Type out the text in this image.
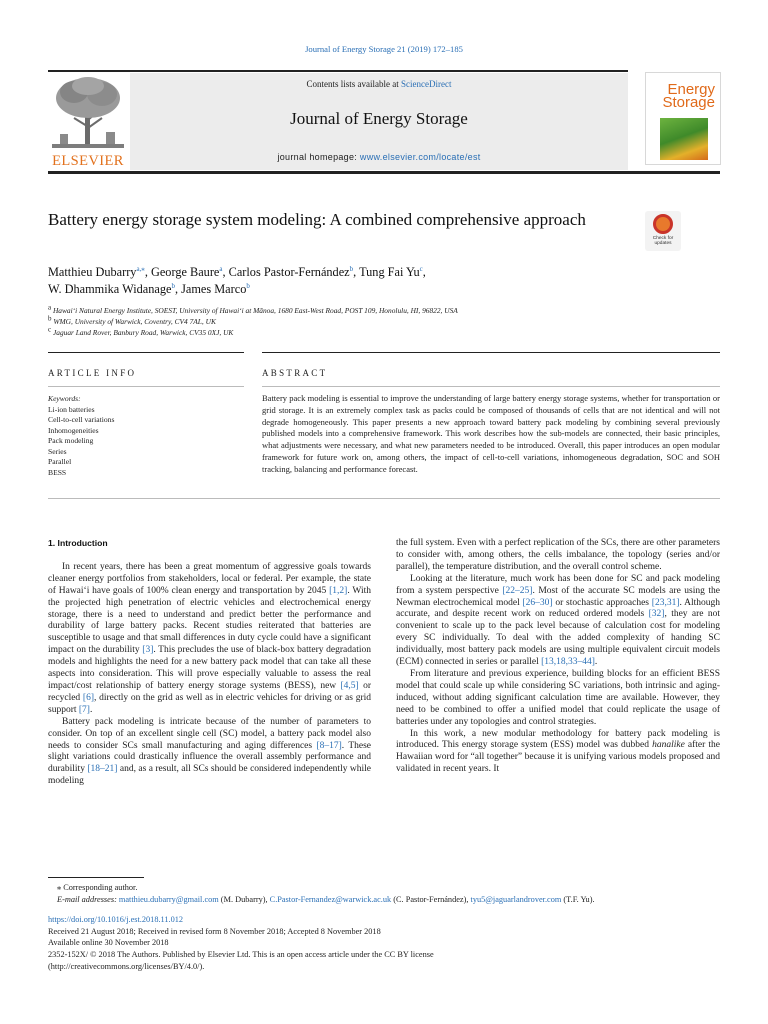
Journal of Energy Storage 21 (2019) 172–185
ELSEVIER
Contents lists available at ScienceDirect
Journal of Energy Storage
journal homepage: www.elsevier.com/locate/est
Energy
Storage
Battery energy storage system modeling: A combined comprehensive approach
Check for updates
Matthieu Dubarry$^{a,⁎}$, George Baure$^a$, Carlos Pastor-Fernández$^b$, Tung Fai Yu$^c$,
W. Dhammika Widanage$^b$, James Marco$^b$
$^a$ Hawaiʻi Natural Energy Institute, SOEST, University of Hawaiʻi at Mānoa, 1680 East-West Road, POST 109, Honolulu, HI, 96822, USA
$^b$ WMG, University of Warwick, Coventry, CV4 7AL, UK
$^c$ Jaguar Land Rover, Banbury Road, Warwick, CV35 0XJ, UK
ARTICLE INFO	ABSTRACT
Keywords:
Li-ion batteries
Cell-to-cell variations
Inhomogeneities
Pack modeling
Series
Parallel
BESS
Battery pack modeling is essential to improve the understanding of large battery energy storage systems, whether for transportation or grid storage. It is an extremely complex task as packs could be composed of thousands of cells that are not identical and will not degrade homogeneously. This paper presents a new approach toward battery pack modeling by combining several previously published models into a comprehensive framework. This work describes how the sub-models are connected, their basic principles, what adjustments were necessary, and what new parameters needed to be introduced. Overall, this paper introduces an open modular framework for future work on, among others, the impact of cell-to-cell variations, inhomogeneous degradation, SOC and SOH tracking, balancing and performance forecast.
1. Introduction

In recent years, there has been a great momentum of aggressive goals towards cleaner energy portfolios from stakeholders, local or federal. Per example, the state of Hawaiʻi have goals of 100% clean energy and transportation by 2045 [1,2]. With the projected high penetration of electric vehicles and electrochemical energy storage, there is a need to understand and predict better the performance and durability of large battery packs. Recent studies reiterated that batteries are susceptible to usage and that small differences in duty cycle could have a significant impact on the durability [3]. This precludes the use of black-box battery degradation models and highlights the need for a new battery pack model that can take all these aspects into consideration. This will prove especially valuable to assess the real impact/cost relationship of battery energy storage systems (BESS), new [4,5] or recycled [6], directly on the grid as well as in electric vehicles for driving or as grid support [7].

Battery pack modeling is intricate because of the number of parameters to consider. On top of an excellent single cell (SC) model, a battery pack model also needs to consider SCs small manufacturing and aging differences [8–17]. These slight variations could drastically influence the overall assembly performance and durability [18–21] and, as a result, all SCs should be considered independently while modeling

the full system. Even with a perfect replication of the SCs, there are other parameters to consider with, among others, the cells imbalance, the topology (series and/or parallel), the temperature distribution, and the overall control scheme.

Looking at the literature, much work has been done for SC and pack modeling from a system perspective [22–25]. Most of the accurate SC models are using the Newman electrochemical model [26–30] or stochastic approaches [23,31]. Although accurate, and despite recent work on reduced ordered models [32], they are not convenient to scale up to the pack level because of calculation cost for modeling every SC individually. To deal with the added complexity of handing SC individually, most battery pack models are using multiple equivalent circuit models (ECM) connected in series or parallel [13,18,33–44].

From literature and previous experience, building blocks for an efficient BESS model that could scale up while considering SC variations, both intrinsic and aging-induced, without adding significant calculation time are available. However, they need to be combined to offer a unified model that could replicate the usage of batteries under any topologies and control strategies.

In this work, a new modular methodology for battery pack modeling is introduced. This energy storage system (ESS) model was dubbed hanalike after the Hawaiian word for “all together” because it is unifying various models proposed and validated in recent years. It

⁎ Corresponding author.
E-mail addresses: matthieu.dubarry@gmail.com (M. Dubarry), C.Pastor-Fernandez@warwick.ac.uk (C. Pastor-Fernández), tyu5@jaguarlandrover.com (T.F. Yu).
https://doi.org/10.1016/j.est.2018.11.012
Received 21 August 2018; Received in revised form 8 November 2018; Accepted 8 November 2018
Available online 30 November 2018
2352-152X/ © 2018 The Authors. Published by Elsevier Ltd. This is an open access article under the CC BY license
(http://creativecommons.org/licenses/BY/4.0/).
